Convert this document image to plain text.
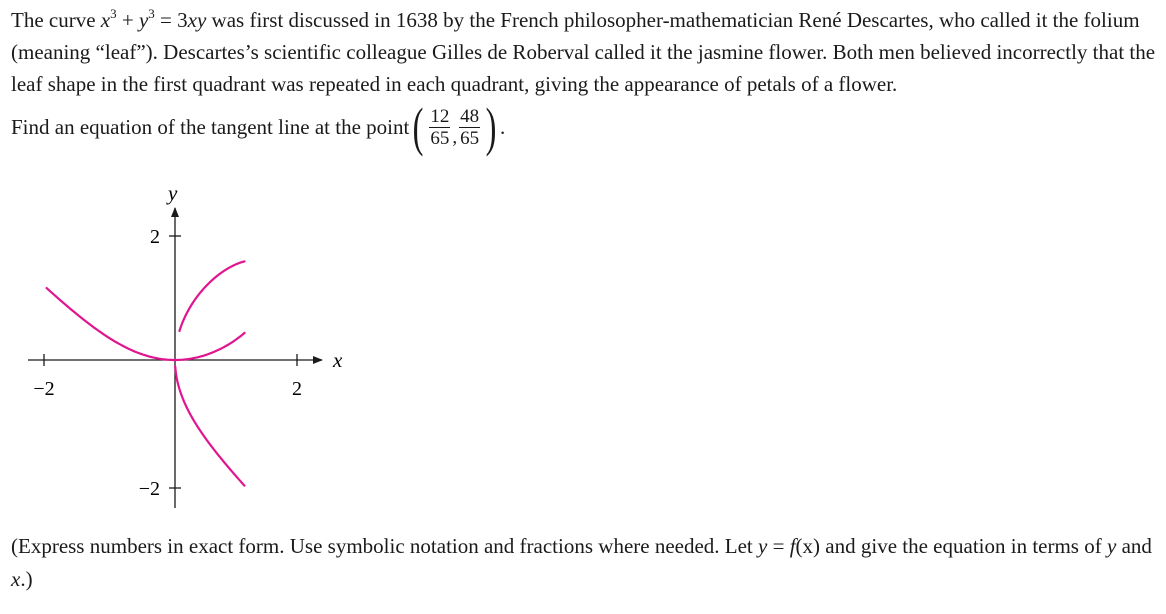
The curve $x^3 + y^3 = 3xy$ was first discussed in 1638 by the French philosopher-mathematician René Descartes, who called it the folium (meaning “leaf”). Descartes’s scientific colleague Gilles de Roberval called it the jasmine flower. Both men believed incorrectly that the leaf shape in the first quadrant was repeated in each quadrant, giving the appearance of petals of a flower.
Find an equation of the tangent line at the point ( $\frac{12}{65}$ , $\frac{48}{65}$ ) .
−2	2
2
−2
x
y
(Express numbers in exact form. Use symbolic notation and fractions where needed. Let y = f(x) and give the equation in terms of y and x.)
